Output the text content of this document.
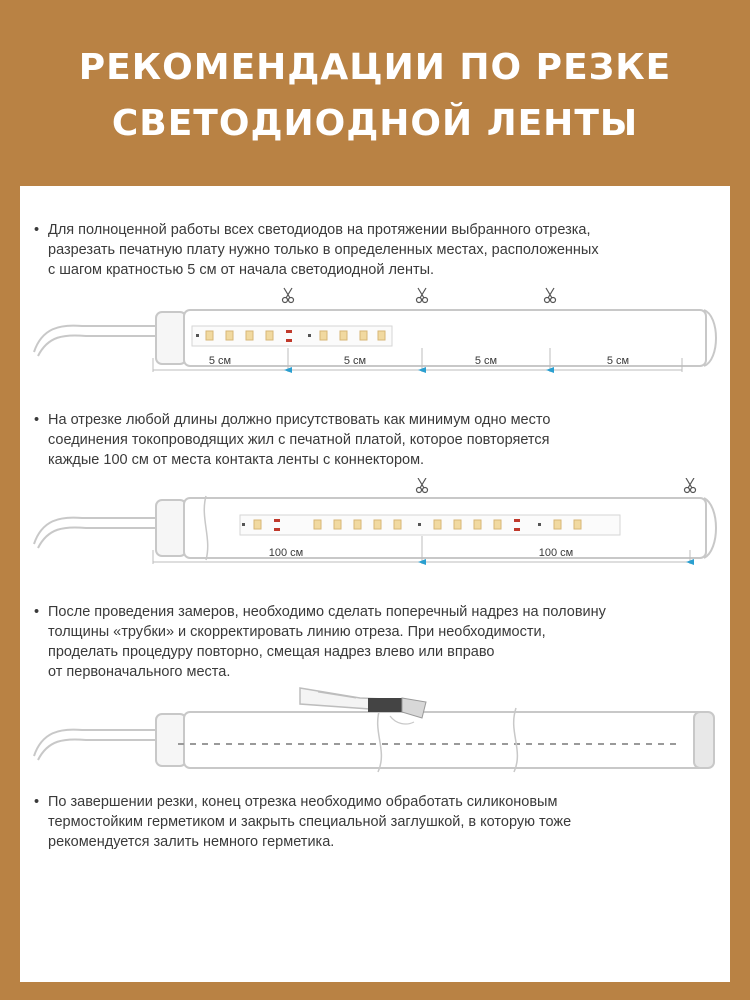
РЕКОМЕНДАЦИИ ПО РЕЗКЕ
СВЕТОДИОДНОЙ ЛЕНТЫ
• Для полноценной работы всех светодиодов на протяжении выбранного отрезка,
разрезать печатную плату нужно только в определенных местах, расположенных
с шагом кратностью 5 см от начала светодиодной ленты.
5 см	5 см	5 см	5 см
• На отрезке любой длины должно присутствовать как минимум одно место
соединения токопроводящих жил с печатной платой, которое повторяется
каждые 100 см от места контакта ленты с коннектором.
100 см	100 см
• После проведения замеров, необходимо сделать поперечный надрез на половину
толщины «трубки» и скорректировать линию отреза. При необходимости,
проделать процедуру повторно, смещая надрез влево или вправо
от первоначального места.
• По завершении резки, конец отрезка необходимо обработать силиконовым
термостойким герметиком и закрыть специальной заглушкой, в которую тоже
рекомендуется залить немного герметика.
